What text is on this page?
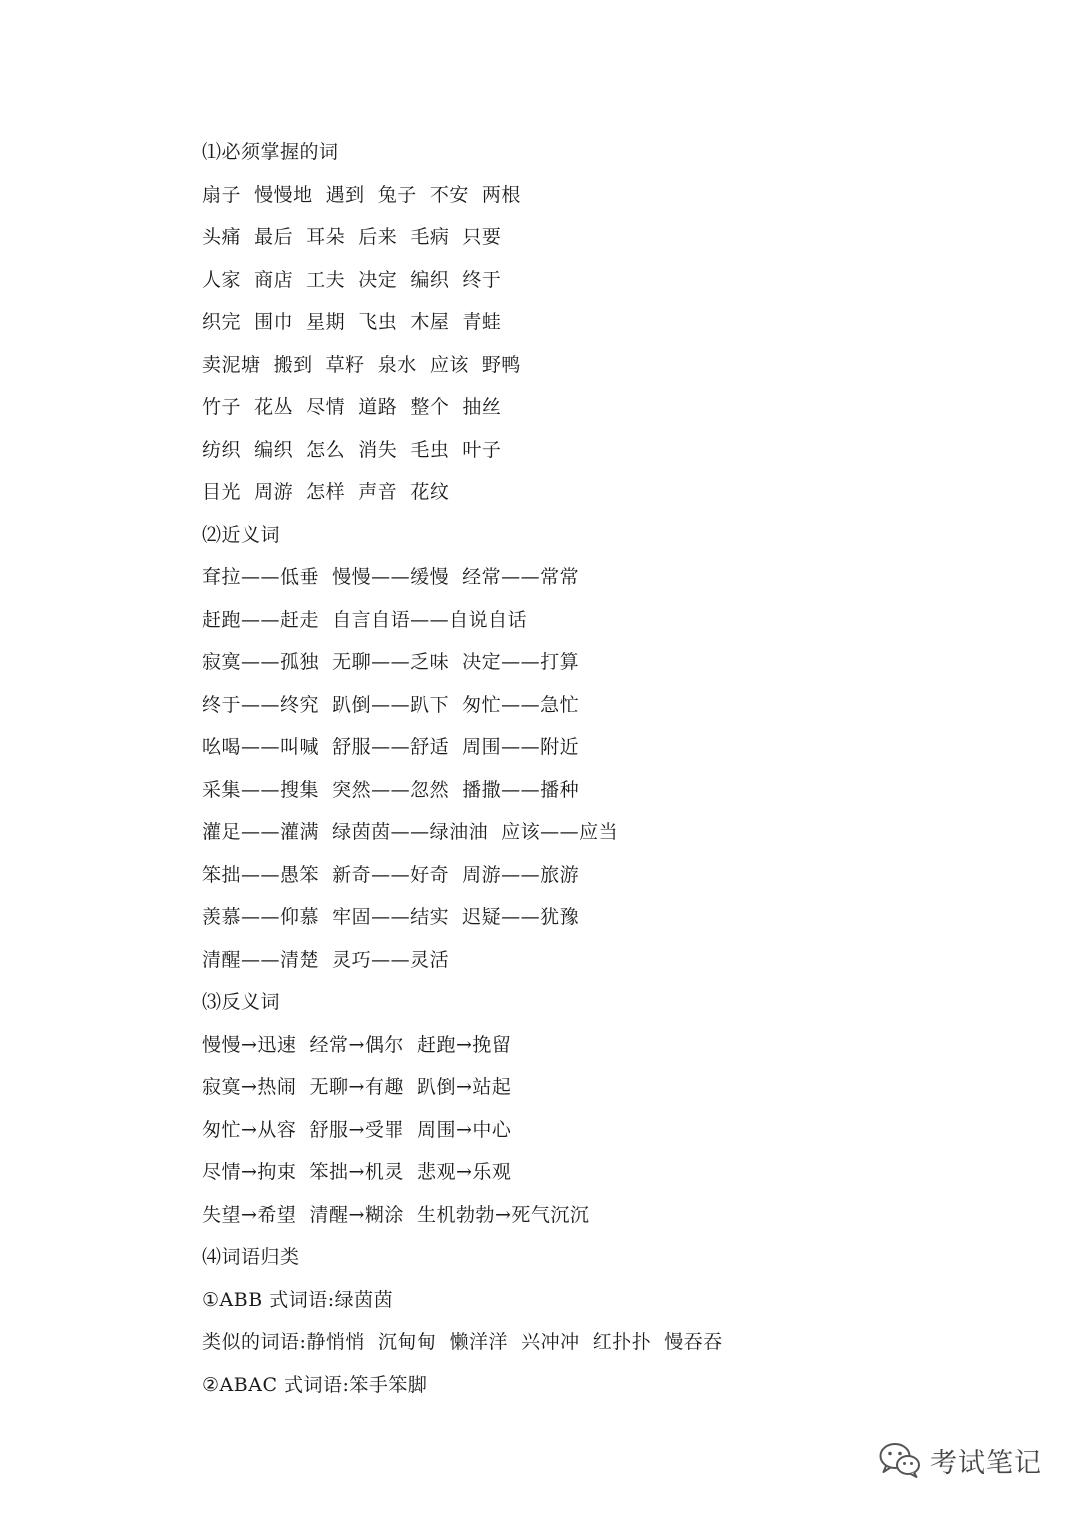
⑴必须掌握的词
扇子  慢慢地  遇到  兔子  不安  两根
头痛  最后  耳朵  后来  毛病  只要
人家  商店  工夫  决定  编织  终于
织完  围巾  星期  飞虫  木屋  青蛙
卖泥塘  搬到  草籽  泉水  应该  野鸭
竹子  花丛  尽情  道路  整个  抽丝
纺织  编织  怎么  消失  毛虫  叶子
目光  周游  怎样  声音  花纹
⑵近义词
耷拉——低垂  慢慢——缓慢  经常——常常
赶跑——赶走  自言自语——自说自话
寂寞——孤独  无聊——乏味  决定——打算
终于——终究  趴倒——趴下  匆忙——急忙
吆喝——叫喊  舒服——舒适  周围——附近
采集——搜集  突然——忽然  播撒——播种
灌足——灌满  绿茵茵——绿油油  应该——应当
笨拙——愚笨  新奇——好奇  周游——旅游
羡慕——仰慕  牢固——结实  迟疑——犹豫
清醒——清楚  灵巧——灵活
⑶反义词
慢慢→迅速  经常→偶尔  赶跑→挽留
寂寞→热闹  无聊→有趣  趴倒→站起
匆忙→从容  舒服→受罪  周围→中心
尽情→拘束  笨拙→机灵  悲观→乐观
失望→希望  清醒→糊涂  生机勃勃→死气沉沉
⑷词语归类
①ABB 式词语:绿茵茵
类似的词语:静悄悄  沉甸甸  懒洋洋  兴冲冲  红扑扑  慢吞吞
②ABAC 式词语:笨手笨脚
考试笔记
